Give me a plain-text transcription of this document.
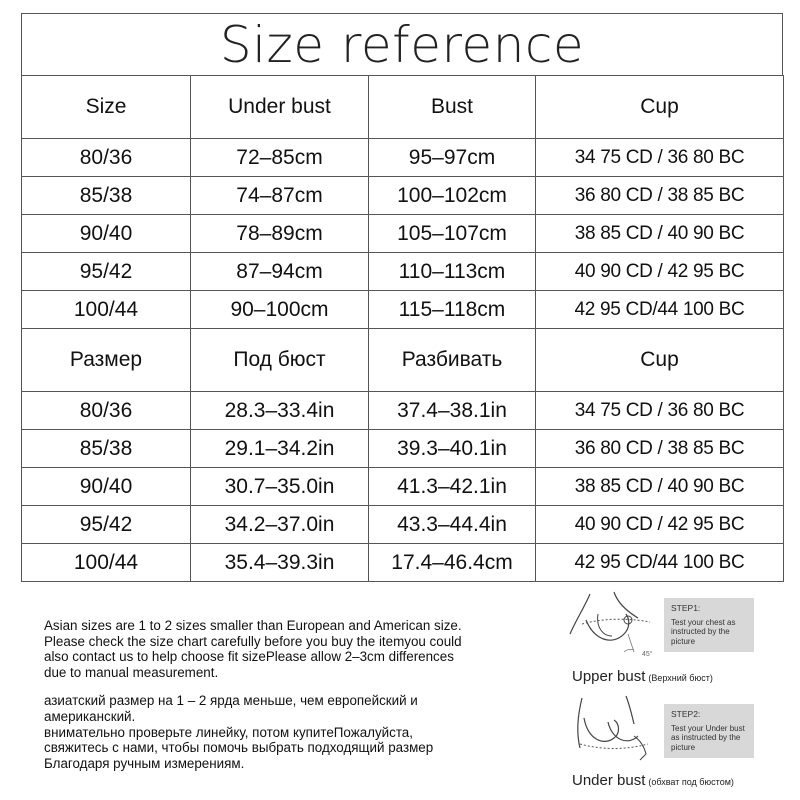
Size reference
Size	Under bust	Bust	Cup
80/36	72–85cm	95–97cm	34 75 CD / 36 80 BC
85/38	74–87cm	100–102cm	36 80 CD / 38 85 BC
90/40	78–89cm	105–107cm	38 85 CD / 40 90 BC
95/42	87–94cm	110–113cm	40 90 CD / 42 95 BC
100/44	90–100cm	115–118cm	42 95 CD/44 100 BC
Размер	Под бюст	Разбивать	Cup
80/36	28.3–33.4in	37.4–38.1in	34 75 CD / 36 80 BC
85/38	29.1–34.2in	39.3–40.1in	36 80 CD / 38 85 BC
90/40	30.7–35.0in	41.3–42.1in	38 85 CD / 40 90 BC
95/42	34.2–37.0in	43.3–44.4in	40 90 CD / 42 95 BC
100/44	35.4–39.3in	17.4–46.4cm	42 95 CD/44 100 BC

Asian sizes are 1 to 2 sizes smaller than European and American size.

Please check the size chart carefully before you buy the itemyou could

also contact us to help choose fit sizePlease allow 2–3cm differences

due to manual measurement.

азиатский размер на 1 – 2 ярда меньше, чем европейский и

американский.

внимательно проверьте линейку, потом купитеПожалуйста,

свяжитесь с нами, чтобы помочь выбрать подходящий размер

Благодаря ручным измерениям.

45°
STEP1:
Test your chest as instructed by the picture
Upper bust (Верхний бюст)
STEP2:
Test your Under bust as instructed by the picture
Under bust (обхват под бюстом)
